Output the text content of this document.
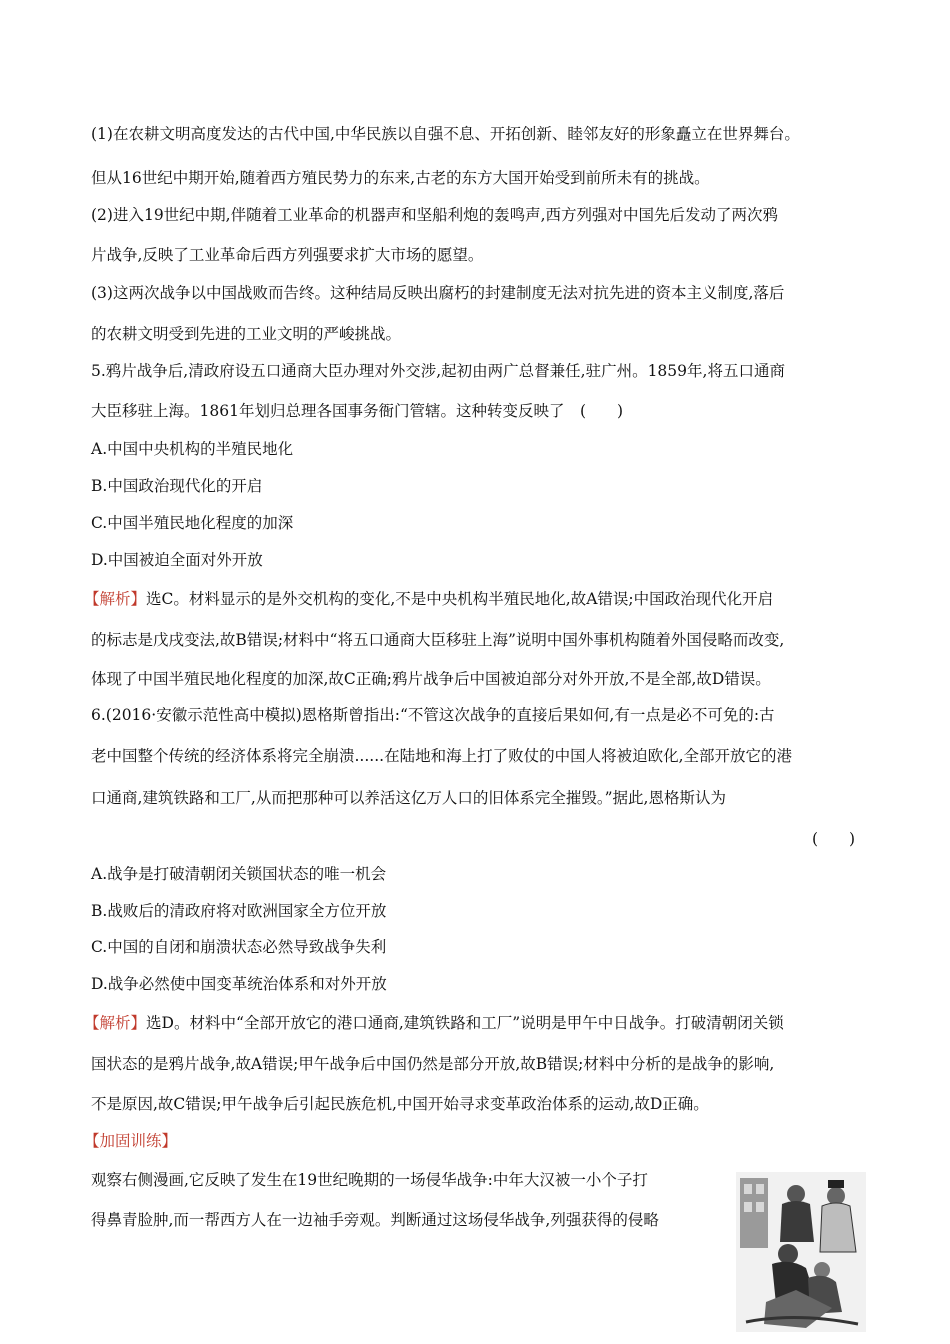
(1)在农耕文明高度发达的古代中国,中华民族以自强不息、开拓创新、睦邻友好的形象矗立在世界舞台。
但从16世纪中期开始,随着西方殖民势力的东来,古老的东方大国开始受到前所未有的挑战。
(2)进入19世纪中期,伴随着工业革命的机器声和坚船利炮的轰鸣声,西方列强对中国先后发动了两次鸦
片战争,反映了工业革命后西方列强要求扩大市场的愿望。
(3)这两次战争以中国战败而告终。这种结局反映出腐朽的封建制度无法对抗先进的资本主义制度,落后
的农耕文明受到先进的工业文明的严峻挑战。
5.鸦片战争后,清政府设五口通商大臣办理对外交涉,起初由两广总督兼任,驻广州。1859年,将五口通商
大臣移驻上海。1861年划归总理各国事务衙门管辖。这种转变反映了　(　　)
A.中国中央机构的半殖民地化
B.中国政治现代化的开启
C.中国半殖民地化程度的加深
D.中国被迫全面对外开放
【解析】选C。材料显示的是外交机构的变化,不是中央机构半殖民地化,故A错误;中国政治现代化开启
的标志是戊戌变法,故B错误;材料中“将五口通商大臣移驻上海”说明中国外事机构随着外国侵略而改变,
体现了中国半殖民地化程度的加深,故C正确;鸦片战争后中国被迫部分对外开放,不是全部,故D错误。
6.(2016·安徽示范性高中模拟)恩格斯曾指出:“不管这次战争的直接后果如何,有一点是必不可免的:古
老中国整个传统的经济体系将完全崩溃......在陆地和海上打了败仗的中国人将被迫欧化,全部开放它的港
口通商,建筑铁路和工厂,从而把那种可以养活这亿万人口的旧体系完全摧毁。”据此,恩格斯认为
(　　)
A.战争是打破清朝闭关锁国状态的唯一机会
B.战败后的清政府将对欧洲国家全方位开放
C.中国的自闭和崩溃状态必然导致战争失利
D.战争必然使中国变革统治体系和对外开放
【解析】选D。材料中“全部开放它的港口通商,建筑铁路和工厂”说明是甲午中日战争。打破清朝闭关锁
国状态的是鸦片战争,故A错误;甲午战争后中国仍然是部分开放,故B错误;材料中分析的是战争的影响,
不是原因,故C错误;甲午战争后引起民族危机,中国开始寻求变革政治体系的运动,故D正确。
【加固训练】
观察右侧漫画,它反映了发生在19世纪晚期的一场侵华战争:中年大汉被一小个子打
得鼻青脸肿,而一帮西方人在一边袖手旁观。判断通过这场侵华战争,列强获得的侵略
